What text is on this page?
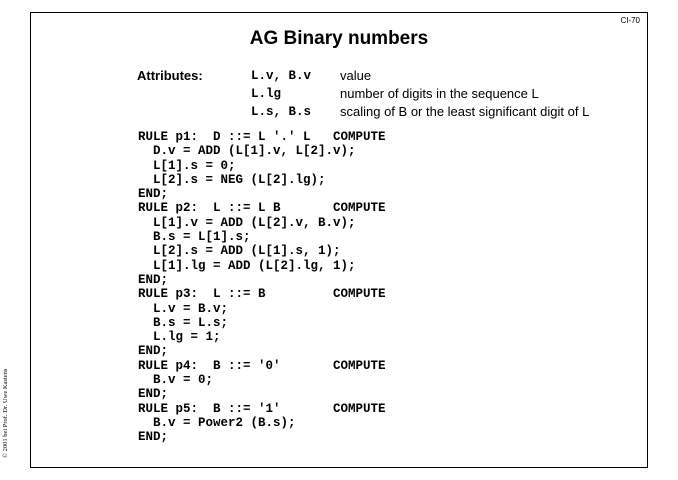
CI-70
AG Binary numbers
Attributes:	L.v, B.v value
L.lg	number of digits in the sequence L
L.s, B.s scaling of B or the least significant digit of L
RULE p1:  D ::= L '.' L   COMPUTE
D.v = ADD (L[1].v, L[2].v);
L[1].s = 0;
L[2].s = NEG (L[2].lg);
END;
RULE p2:  L ::= L B       COMPUTE
L[1].v = ADD (L[2].v, B.v);
B.s = L[1].s;
L[2].s = ADD (L[1].s, 1);
L[1].lg = ADD (L[2].lg, 1);
END;
RULE p3:  L ::= B         COMPUTE
L.v = B.v;
B.s = L.s;
L.lg = 1;
END;
RULE p4:  B ::= '0'       COMPUTE
B.v = 0;
END;
RULE p5:  B ::= '1'       COMPUTE
B.v = Power2 (B.s);
END;
© 2001 bei Prof. Dr. Uwe Kastens
